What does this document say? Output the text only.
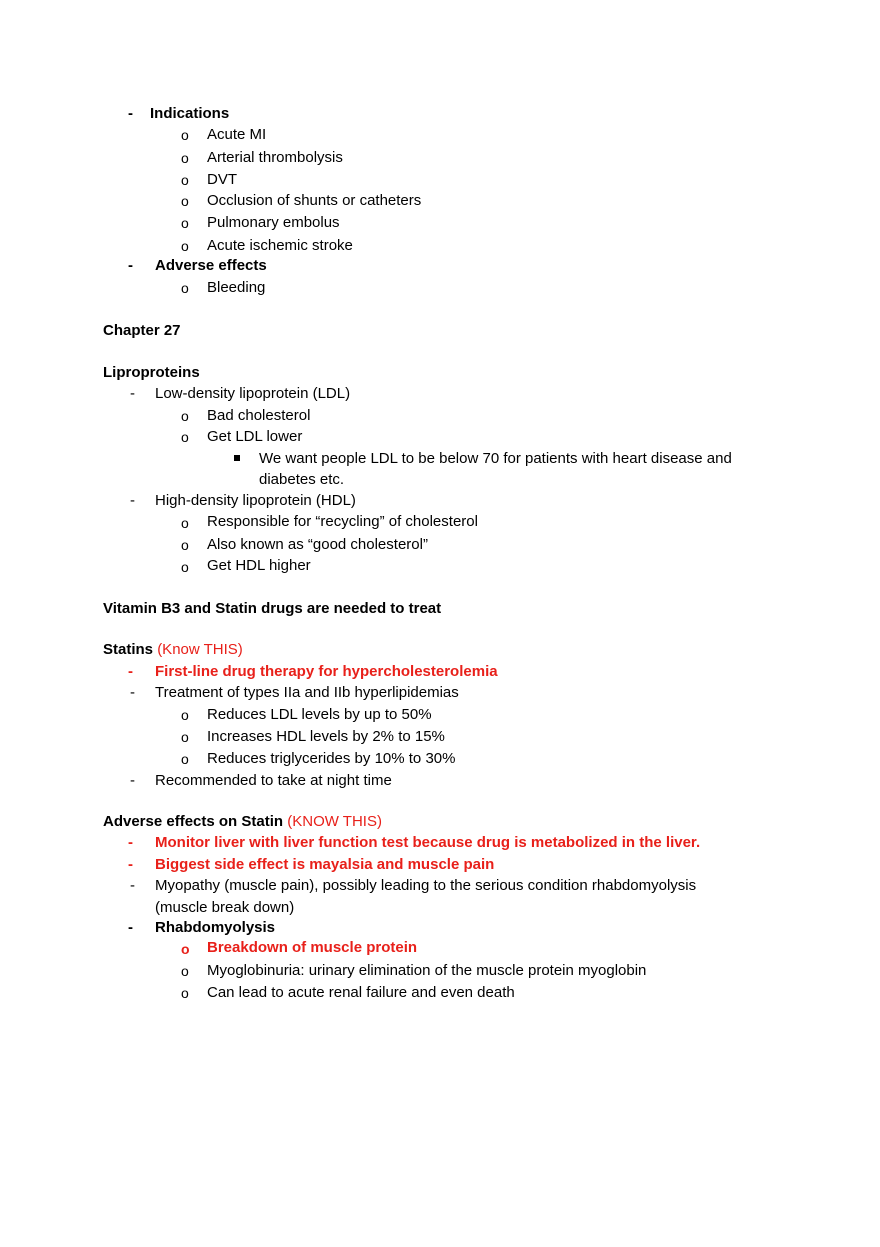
- Indications
o Acute MI
o Arterial thrombolysis
o DVT
o Occlusion of shunts or catheters
o Pulmonary embolus
o Acute ischemic stroke
- Adverse effects
o Bleeding
Chapter 27
Liproproteins
- Low-density lipoprotein (LDL)
o Bad cholesterol
o Get LDL lower
We want people LDL to be below 70 for patients with heart disease and
diabetes etc.
- High-density lipoprotein (HDL)
o Responsible for “recycling” of cholesterol
o Also known as “good cholesterol”
o Get HDL higher
Vitamin B3 and Statin drugs are needed to treat
Statins (Know THIS)
- First-line drug therapy for hypercholesterolemia
- Treatment of types IIa and IIb hyperlipidemias
o Reduces LDL levels by up to 50%
o Increases HDL levels by 2% to 15%
o Reduces triglycerides by 10% to 30%
- Recommended to take at night time
Adverse effects on Statin (KNOW THIS)
- Monitor liver with liver function test because drug is metabolized in the liver.
- Biggest side effect is mayalsia and muscle pain
- Myopathy (muscle pain), possibly leading to the serious condition rhabdomyolysis
(muscle break down)
- Rhabdomyolysis
o Breakdown of muscle protein
o Myoglobinuria: urinary elimination of the muscle protein myoglobin
o Can lead to acute renal failure and even death
